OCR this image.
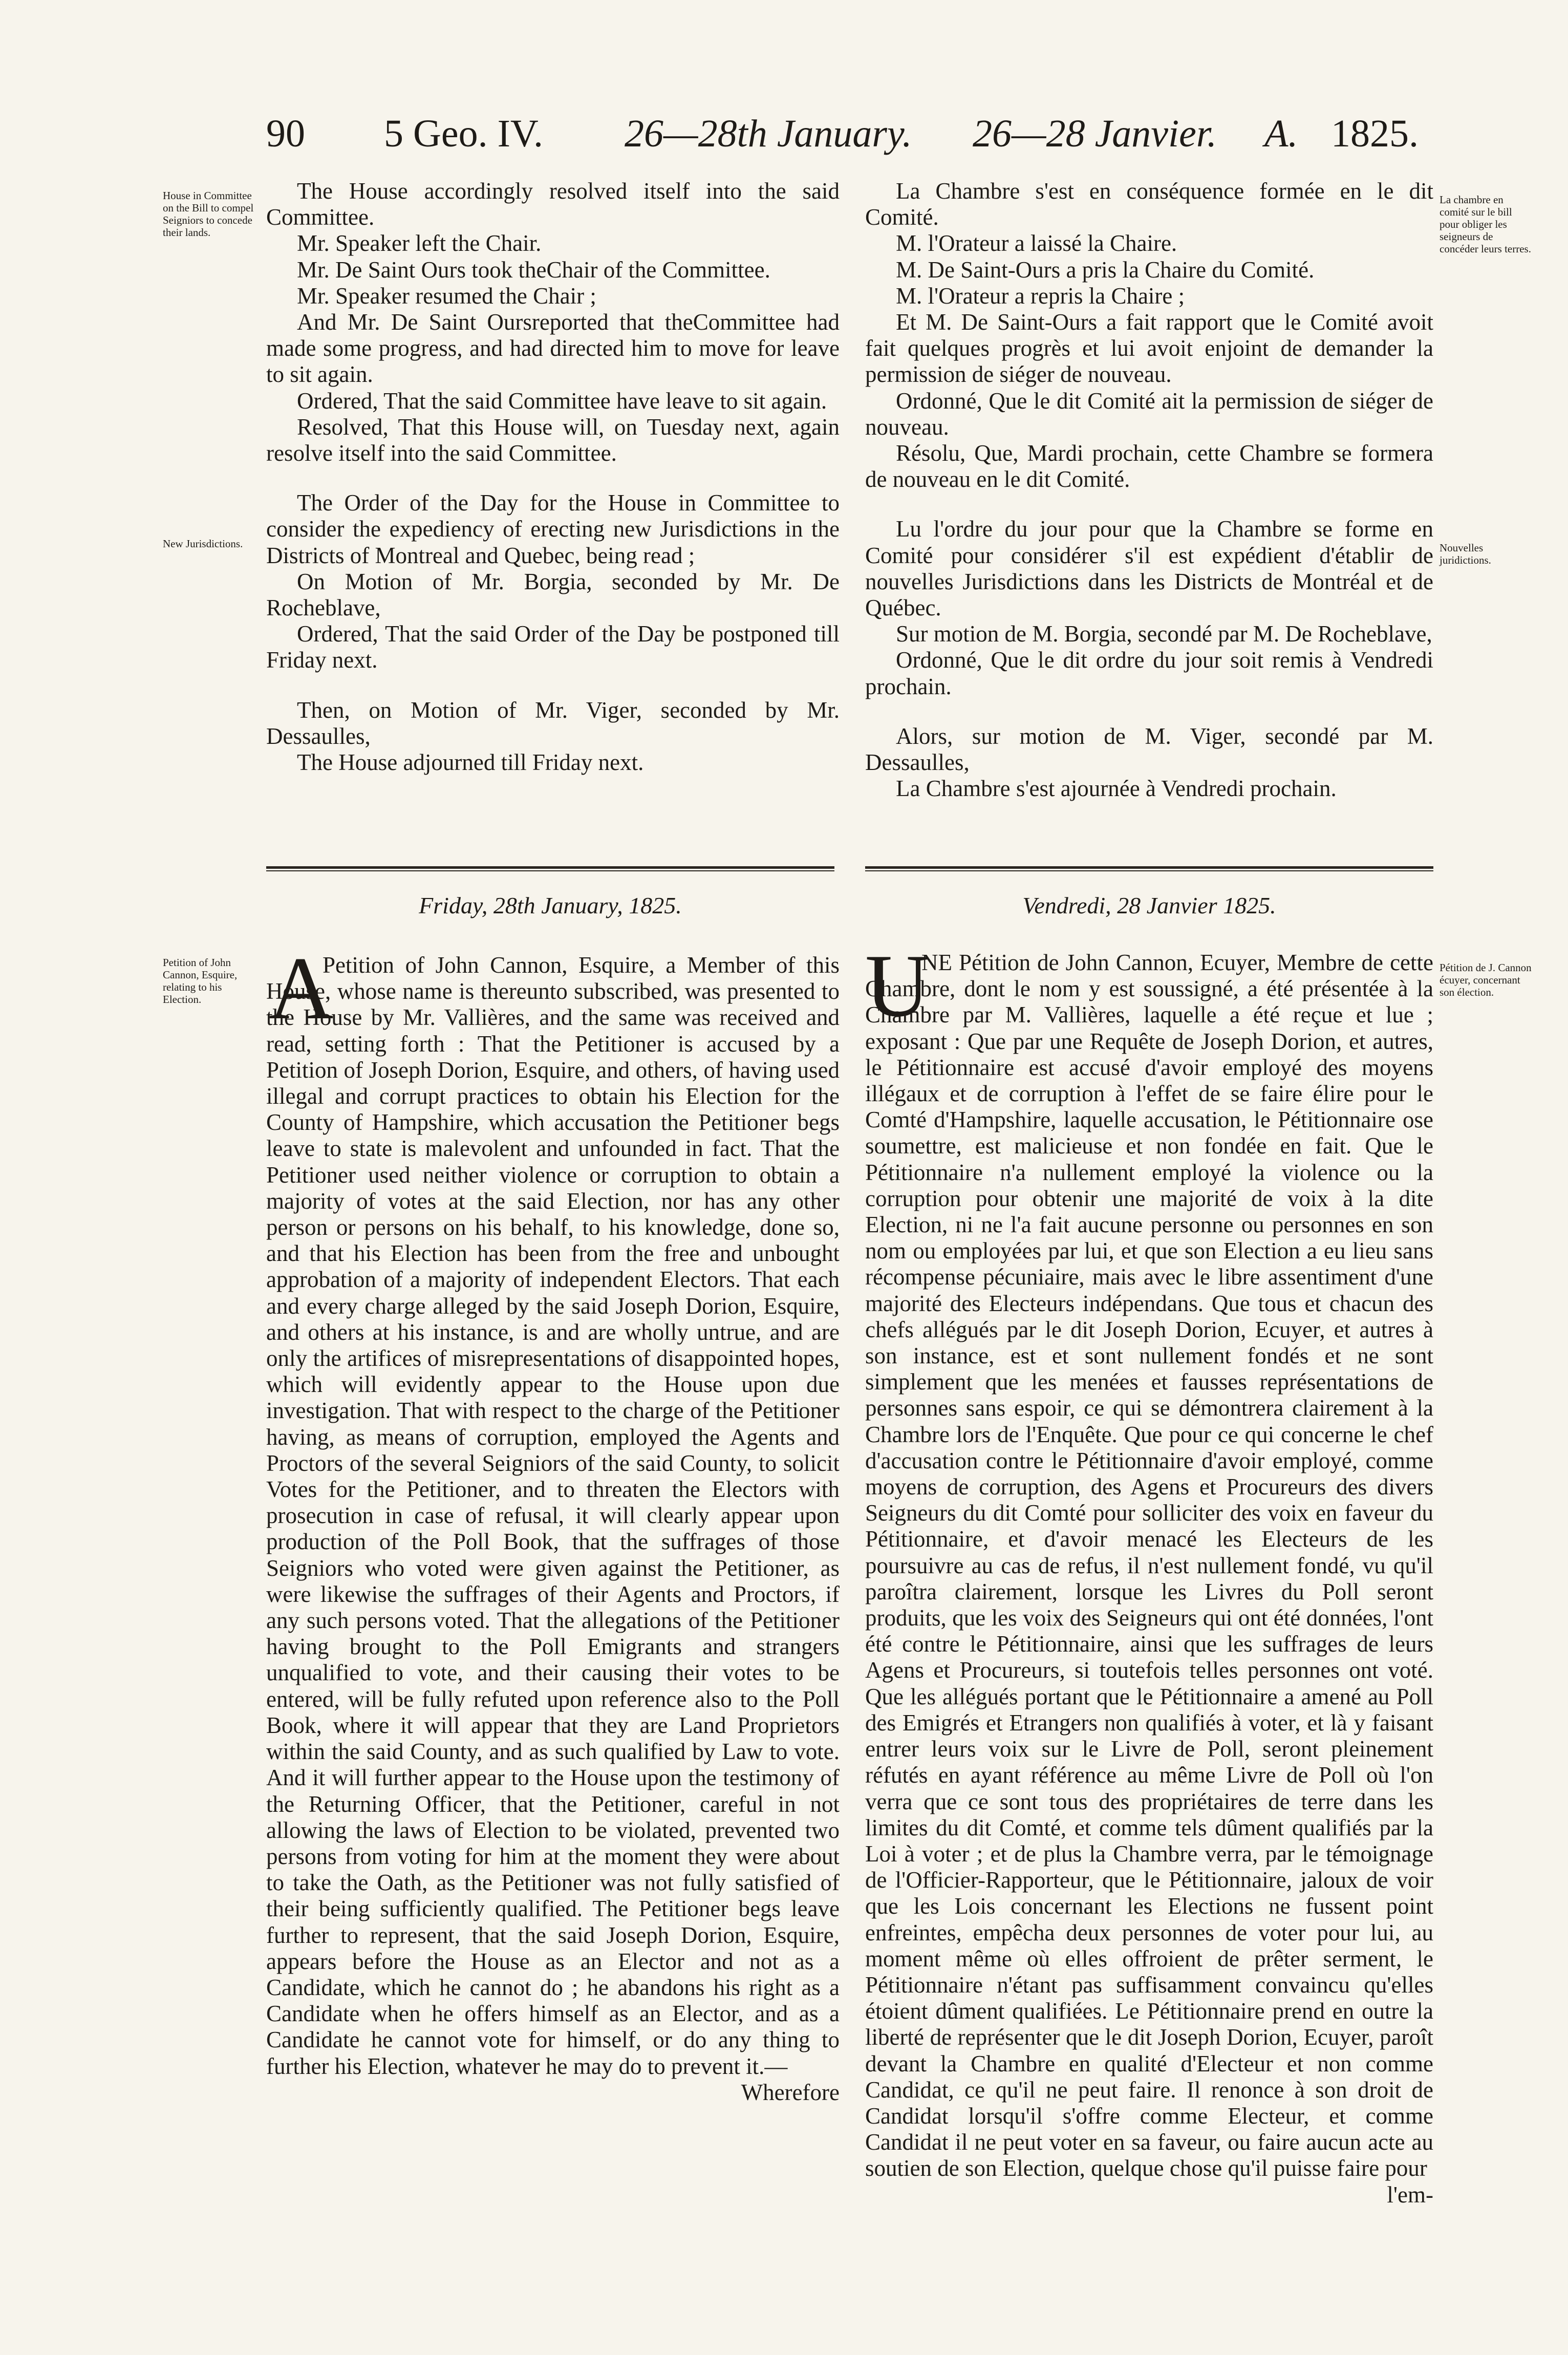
90 5 Geo. IV. 26—28th January. 26—28 Janvier. A. 1825.
House in Committee on the Bill to compel Seigniors to concede their lands.
La chambre en comité sur le bill pour obliger les seigneurs de concéder leurs terres.
New Jurisdictions.	Nouvelles juridictions.

The House accordingly resolved itself into the said Committee.

Mr. Speaker left the Chair.

Mr. De Saint Ours took theChair of the Committee.

Mr. Speaker resumed the Chair ;

And Mr. De Saint Oursreported that theCommittee had made some progress, and had directed him to move for leave to sit again.

Ordered, That the said Committee have leave to sit again.

Resolved, That this House will, on Tuesday next, again resolve itself into the said Committee.

The Order of the Day for the House in Committee to consider the expediency of erecting new Jurisdictions in the Districts of Montreal and Quebec, being read ;

On Motion of Mr. Borgia, seconded by Mr. De Rocheblave,

Ordered, That the said Order of the Day be postponed till Friday next.

Then, on Motion of Mr. Viger, seconded by Mr. Dessaulles,

The House adjourned till Friday next.

La Chambre s'est en conséquence formée en le dit Comité.

M. l'Orateur a laissé la Chaire.

M. De Saint-Ours a pris la Chaire du Comité.

M. l'Orateur a repris la Chaire ;

Et M. De Saint-Ours a fait rapport que le Comité avoit fait quelques progrès et lui avoit enjoint de demander la permission de siéger de nouveau.

Ordonné, Que le dit Comité ait la permission de siéger de nouveau.

Résolu, Que, Mardi prochain, cette Chambre se formera de nouveau en le dit Comité.

Lu l'ordre du jour pour que la Chambre se forme en Comité pour considérer s'il est expédient d'établir de nouvelles Jurisdictions dans les Districts de Montréal et de Québec.

Sur motion de M. Borgia, secondé par M. De Rocheblave,

Ordonné, Que le dit ordre du jour soit remis à Vendredi prochain.

Alors, sur motion de M. Viger, secondé par M. Dessaulles,

La Chambre s'est ajournée à Vendredi prochain.

Friday, 28th January, 1825.	Vendredi, 28 Janvier 1825.
Petition of John Cannon, Esquire, relating to his Election.
Pétition de J. Cannon écuyer, concernant son élection.
A	U

Petition of John Cannon, Esquire, a Member of this House, whose name is thereunto subscribed, was presented to the House by Mr. Vallières, and the same was received and read, setting forth : That the Petitioner is accused by a Petition of Joseph Dorion, Esquire, and others, of having used illegal and corrupt practices to obtain his Election for the County of Hampshire, which accusation the Petitioner begs leave to state is malevolent and unfounded in fact. That the Petitioner used neither violence or corruption to obtain a majority of votes at the said Election, nor has any other person or persons on his behalf, to his knowledge, done so, and that his Election has been from the free and unbought approbation of a majority of independent Electors. That each and every charge alleged by the said Joseph Dorion, Esquire, and others at his instance, is and are wholly untrue, and are only the artifices of misrepresentations of disappointed hopes, which will evidently appear to the House upon due investigation. That with respect to the charge of the Petitioner having, as means of corruption, employed the Agents and Proctors of the several Seigniors of the said County, to solicit Votes for the Petitioner, and to threaten the Electors with prosecution in case of refusal, it will clearly appear upon production of the Poll Book, that the suffrages of those Seigniors who voted were given against the Petitioner, as were likewise the suffrages of their Agents and Proctors, if any such persons voted. That the allegations of the Petitioner having brought to the Poll Emigrants and strangers unqualified to vote, and their causing their votes to be entered, will be fully refuted upon reference also to the Poll Book, where it will appear that they are Land Proprietors within the said County, and as such qualified by Law to vote. And it will further appear to the House upon the testimony of the Returning Officer, that the Petitioner, careful in not allowing the laws of Election to be violated, prevented two persons from voting for him at the moment they were about to take the Oath, as the Petitioner was not fully satisfied of their being sufficiently qualified. The Petitioner begs leave further to represent, that the said Joseph Dorion, Esquire, appears before the House as an Elector and not as a Candidate, which he cannot do ; he abandons his right as a Candidate when he offers himself as an Elector, and as a Candidate he cannot vote for himself, or do any thing to further his Election, whatever he may do to prevent it.—

Wherefore

NE Pétition de John Cannon, Ecuyer, Membre de cette Chambre, dont le nom y est soussigné, a été présentée à la Chambre par M. Vallières, laquelle a été reçue et lue ; exposant : Que par une Requête de Joseph Dorion, et autres, le Pétitionnaire est accusé d'avoir employé des moyens illégaux et de corruption à l'effet de se faire élire pour le Comté d'Hampshire, laquelle accusation, le Pétitionnaire ose soumettre, est malicieuse et non fondée en fait. Que le Pétitionnaire n'a nullement employé la violence ou la corruption pour obtenir une majorité de voix à la dite Election, ni ne l'a fait aucune personne ou personnes en son nom ou employées par lui, et que son Election a eu lieu sans récompense pécuniaire, mais avec le libre assentiment d'une majorité des Electeurs indépendans. Que tous et chacun des chefs allégués par le dit Joseph Dorion, Ecuyer, et autres à son instance, est et sont nullement fondés et ne sont simplement que les menées et fausses représentations de personnes sans espoir, ce qui se démontrera clairement à la Chambre lors de l'Enquête. Que pour ce qui concerne le chef d'accusation contre le Pétitionnaire d'avoir employé, comme moyens de corruption, des Agens et Procureurs des divers Seigneurs du dit Comté pour solliciter des voix en faveur du Pétitionnaire, et d'avoir menacé les Electeurs de les poursuivre au cas de refus, il n'est nullement fondé, vu qu'il paroîtra clairement, lorsque les Livres du Poll seront produits, que les voix des Seigneurs qui ont été données, l'ont été contre le Pétitionnaire, ainsi que les suffrages de leurs Agens et Procureurs, si toutefois telles personnes ont voté. Que les allégués portant que le Pétitionnaire a amené au Poll des Emigrés et Etrangers non qualifiés à voter, et là y faisant entrer leurs voix sur le Livre de Poll, seront pleinement réfutés en ayant référence au même Livre de Poll où l'on verra que ce sont tous des propriétaires de terre dans les limites du dit Comté, et comme tels dûment qualifiés par la Loi à voter ; et de plus la Chambre verra, par le témoignage de l'Officier-Rapporteur, que le Pétitionnaire, jaloux de voir que les Lois concernant les Elections ne fussent point enfreintes, empêcha deux personnes de voter pour lui, au moment même où elles offroient de prêter serment, le Pétitionnaire n'étant pas suffisamment convaincu qu'elles étoient dûment qualifiées. Le Pétitionnaire prend en outre la liberté de représenter que le dit Joseph Dorion, Ecuyer, paroît devant la Chambre en qualité d'Electeur et non comme Candidat, ce qu'il ne peut faire. Il renonce à son droit de Candidat lorsqu'il s'offre comme Electeur, et comme Candidat il ne peut voter en sa faveur, ou faire aucun acte au soutien de son Election, quelque chose qu'il puisse faire pour

l'em-
